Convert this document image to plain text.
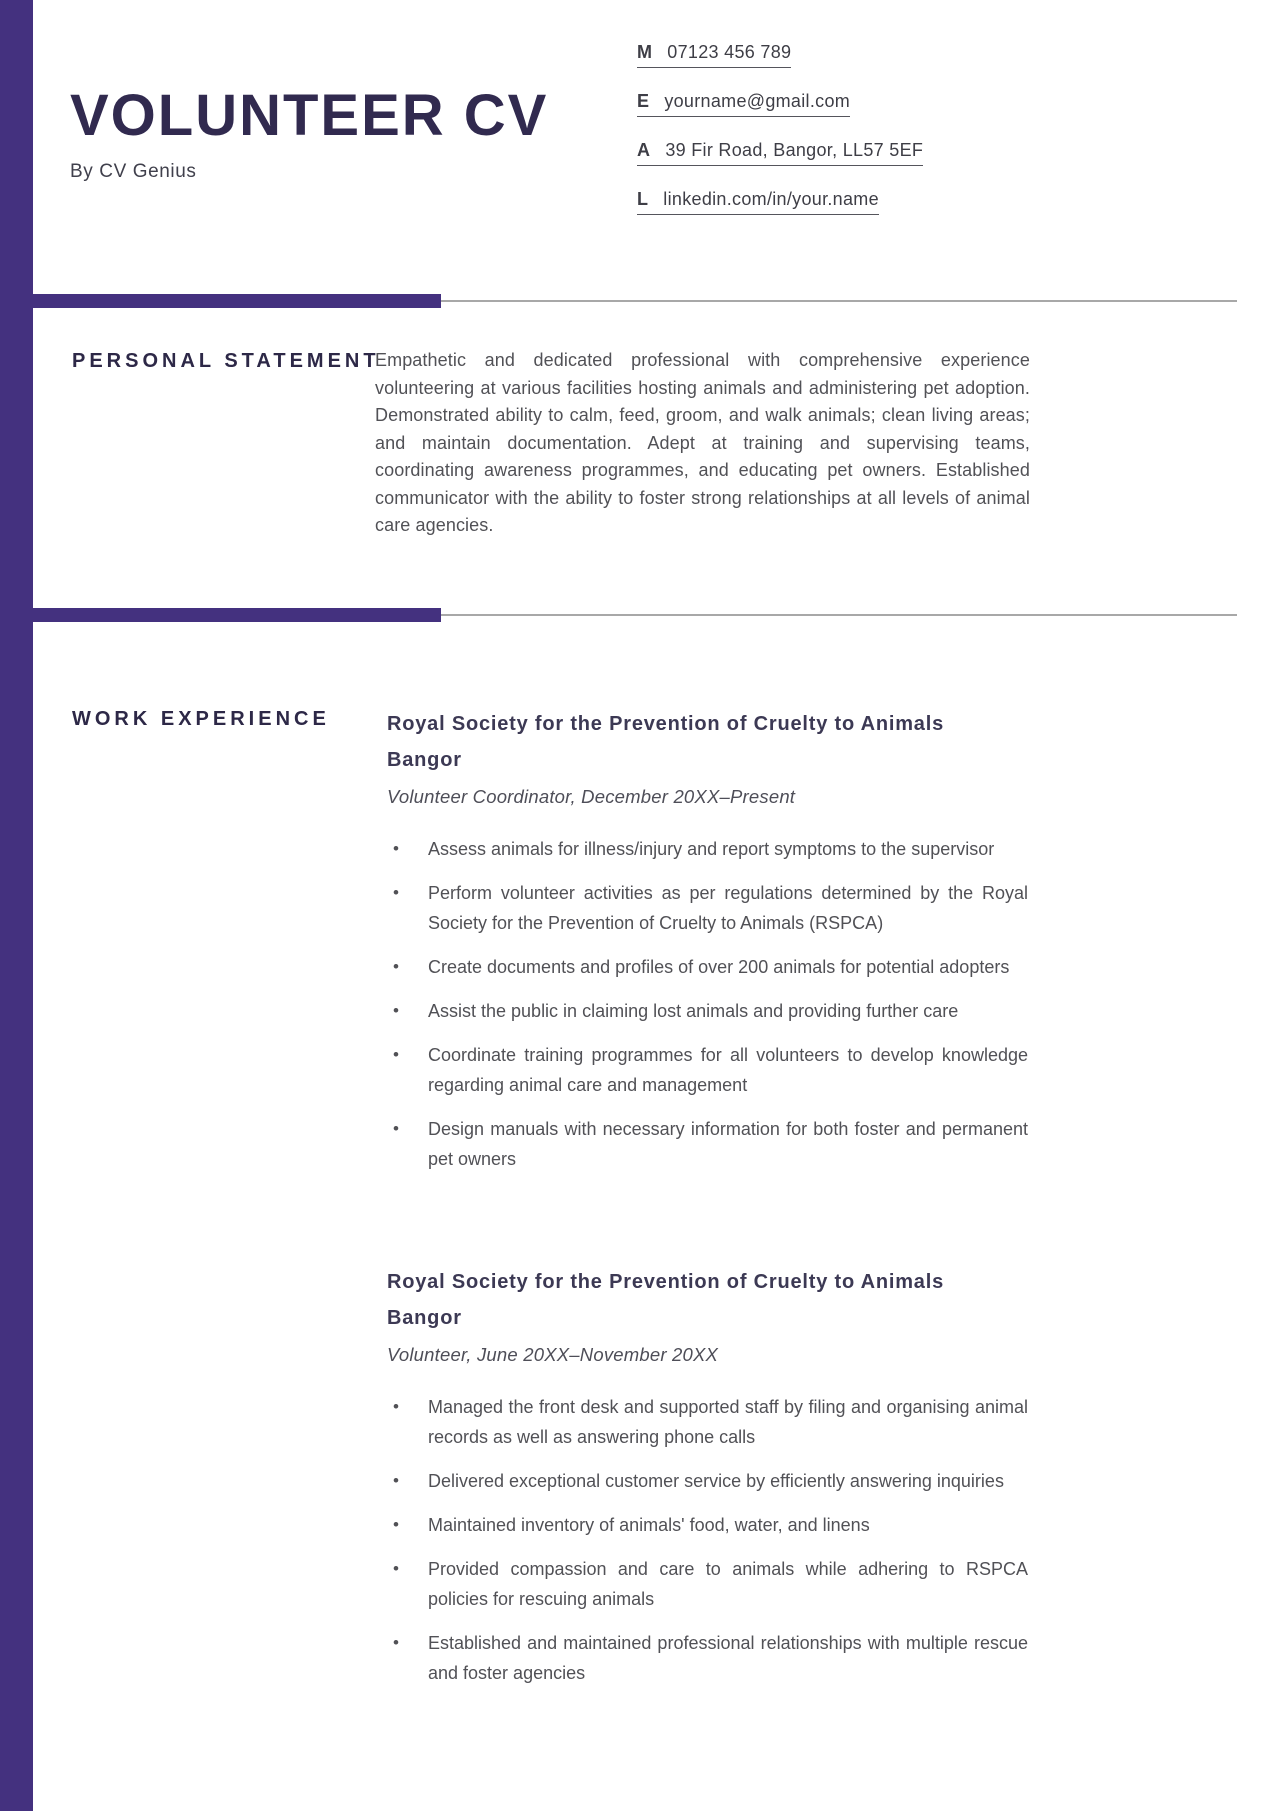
VOLUNTEER CV
By CV Genius
M 07123 456 789
E yourname@gmail.com
A 39 Fir Road, Bangor, LL57 5EF
L linkedin.com/in/your.name
PERSONAL STATEMENT

Empathetic and dedicated professional with comprehensive experience volunteering at various facilities hosting animals and administering pet adoption. Demonstrated ability to calm, feed, groom, and walk animals; clean living areas; and maintain documentation. Adept at training and supervising teams, coordinating awareness programmes, and educating pet owners. Established communicator with the ability to foster strong relationships at all levels of animal care agencies.

WORK EXPERIENCE	Royal Society for the Prevention of Cruelty to Animals Bangor
Volunteer Coordinator, December 20XX–Present
•	Assess animals for illness/injury and report symptoms to the supervisor
•	Perform volunteer activities as per regulations determined by the Royal Society for the Prevention of Cruelty to Animals (RSPCA)
•	Create documents and profiles of over 200 animals for potential adopters
•	Assist the public in claiming lost animals and providing further care
•	Coordinate training programmes for all volunteers to develop knowledge regarding animal care and management
•	Design manuals with necessary information for both foster and permanent pet owners
Royal Society for the Prevention of Cruelty to Animals Bangor
Volunteer, June 20XX–November 20XX
•	Managed the front desk and supported staff by filing and organising animal records as well as answering phone calls
•	Delivered exceptional customer service by efficiently answering inquiries
•	Maintained inventory of animals' food, water, and linens
•	Provided compassion and care to animals while adhering to RSPCA policies for rescuing animals
•	Established and maintained professional relationships with multiple rescue and foster agencies
